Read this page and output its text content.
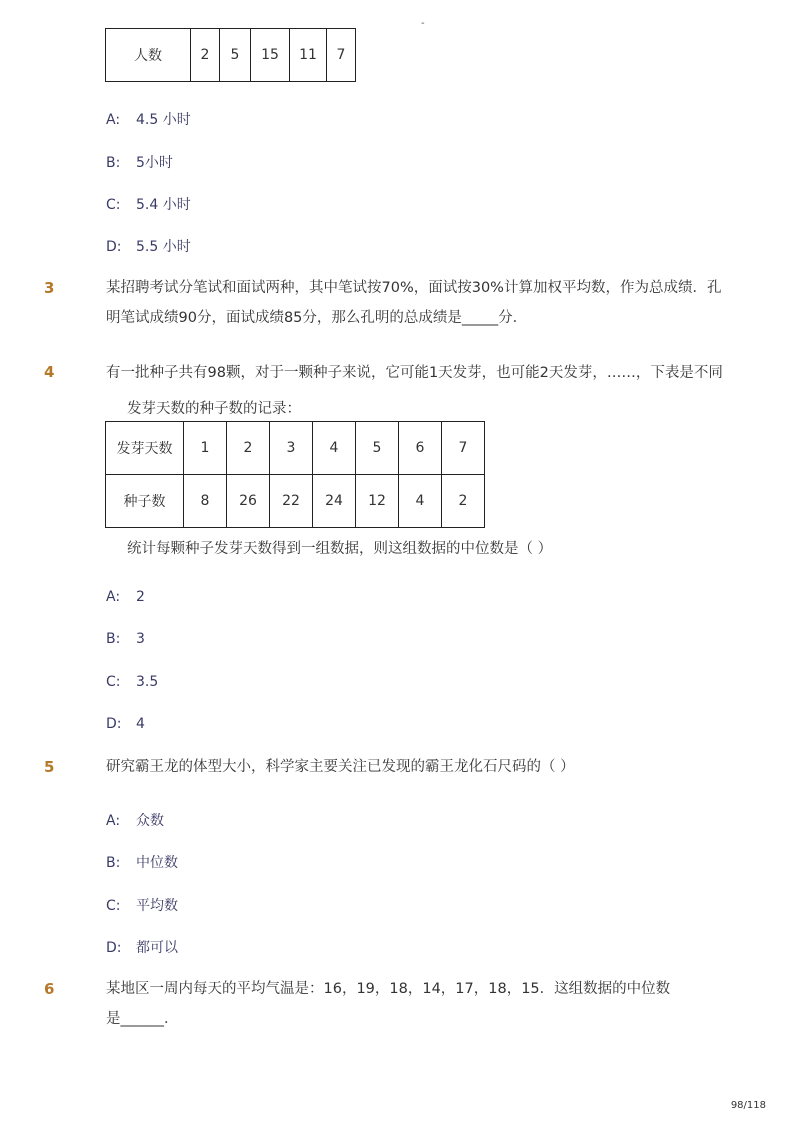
-
人数	2	5	15	11	7
A: 4.5 小时
B: 5小时
C: 5.4 小时
D: 5.5 小时
3	某招聘考试分笔试和面试两种，其中笔试按70%，面试按30%计算加权平均数，作为总成绩．孔
明笔试成绩90分，面试成绩85分，那么孔明的总成绩是_____分．
4	有一批种子共有98颗，对于一颗种子来说，它可能1天发芽，也可能2天发芽，……，下表是不同
发芽天数的种子数的记录：
发芽天数	1	2	3	4	5	6	7
种子数	8	26	22	24	12	4	2
统计每颗种子发芽天数得到一组数据，则这组数据的中位数是（ ）
A: 2
B: 3
C: 3.5
D: 4
5	研究霸王龙的体型大小，科学家主要关注已发现的霸王龙化石尺码的（ ）
A: 众数
B: 中位数
C: 平均数
D: 都可以
6	某地区一周内每天的平均气温是：16，19，18，14，17，18，15．这组数据的中位数
是______．
98/118
